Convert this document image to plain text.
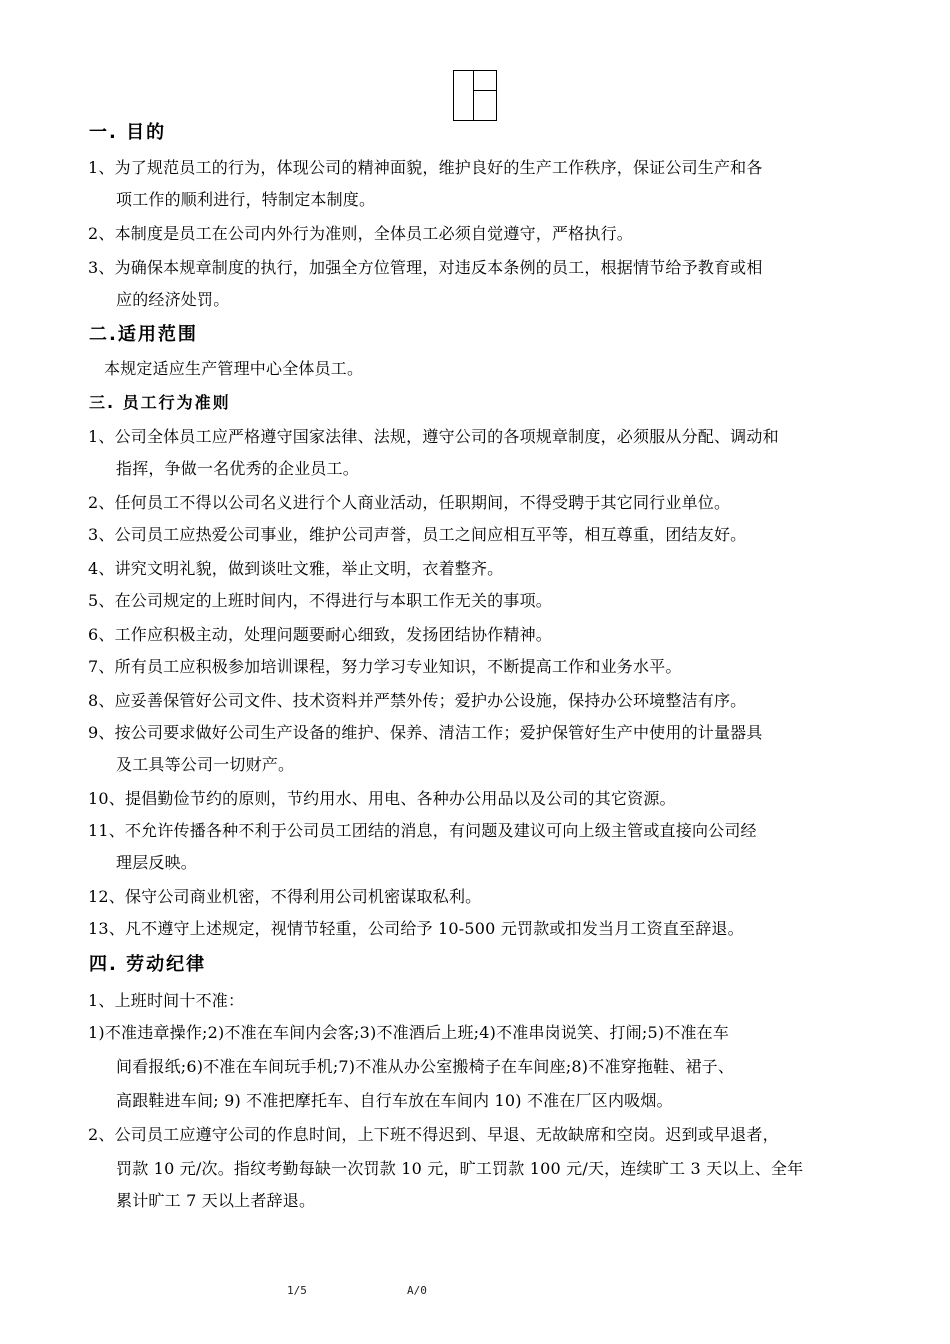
一. 目的
1、为了规范员工的行为，体现公司的精神面貌，维护良好的生产工作秩序，保证公司生产和各
项工作的顺利进行，特制定本制度。
2、本制度是员工在公司内外行为准则，全体员工必须自觉遵守，严格执行。
3、为确保本规章制度的执行，加强全方位管理，对违反本条例的员工，根据情节给予教育或相
应的经济处罚。
二.适用范围
本规定适应生产管理中心全体员工。
三. 员工行为准则
1、公司全体员工应严格遵守国家法律、法规，遵守公司的各项规章制度，必须服从分配、调动和
指挥，争做一名优秀的企业员工。
2、任何员工不得以公司名义进行个人商业活动，任职期间，不得受聘于其它同行业单位。
3、公司员工应热爱公司事业，维护公司声誉，员工之间应相互平等，相互尊重，团结友好。
4、讲究文明礼貌，做到谈吐文雅，举止文明，衣着整齐。
5、在公司规定的上班时间内，不得进行与本职工作无关的事项。
6、工作应积极主动，处理问题要耐心细致，发扬团结协作精神。
7、所有员工应积极参加培训课程，努力学习专业知识，不断提高工作和业务水平。
8、应妥善保管好公司文件、技术资料并严禁外传；爱护办公设施，保持办公环境整洁有序。
9、按公司要求做好公司生产设备的维护、保养、清洁工作；爱护保管好生产中使用的计量器具
及工具等公司一切财产。
10、提倡勤俭节约的原则，节约用水、用电、各种办公用品以及公司的其它资源。
11、不允许传播各种不利于公司员工团结的消息，有问题及建议可向上级主管或直接向公司经
理层反映。
12、保守公司商业机密，不得利用公司机密谋取私利。
13、凡不遵守上述规定，视情节轻重，公司给予 10-500 元罚款或扣发当月工资直至辞退。
四. 劳动纪律
1、上班时间十不准：
1)不准违章操作;2)不准在车间内会客;3)不准酒后上班;4)不准串岗说笑、打闹;5)不准在车
间看报纸;6)不准在车间玩手机;7)不准从办公室搬椅子在车间座;8)不准穿拖鞋、裙子、
高跟鞋进车间; 9) 不准把摩托车、自行车放在车间内 10) 不准在厂区内吸烟。
2、公司员工应遵守公司的作息时间，上下班不得迟到、早退、无故缺席和空岗。迟到或早退者，
罚款 10 元/次。指纹考勤每缺一次罚款 10 元，旷工罚款 100 元/天，连续旷工 3 天以上、全年
累计旷工 7 天以上者辞退。
1/5	A/0
